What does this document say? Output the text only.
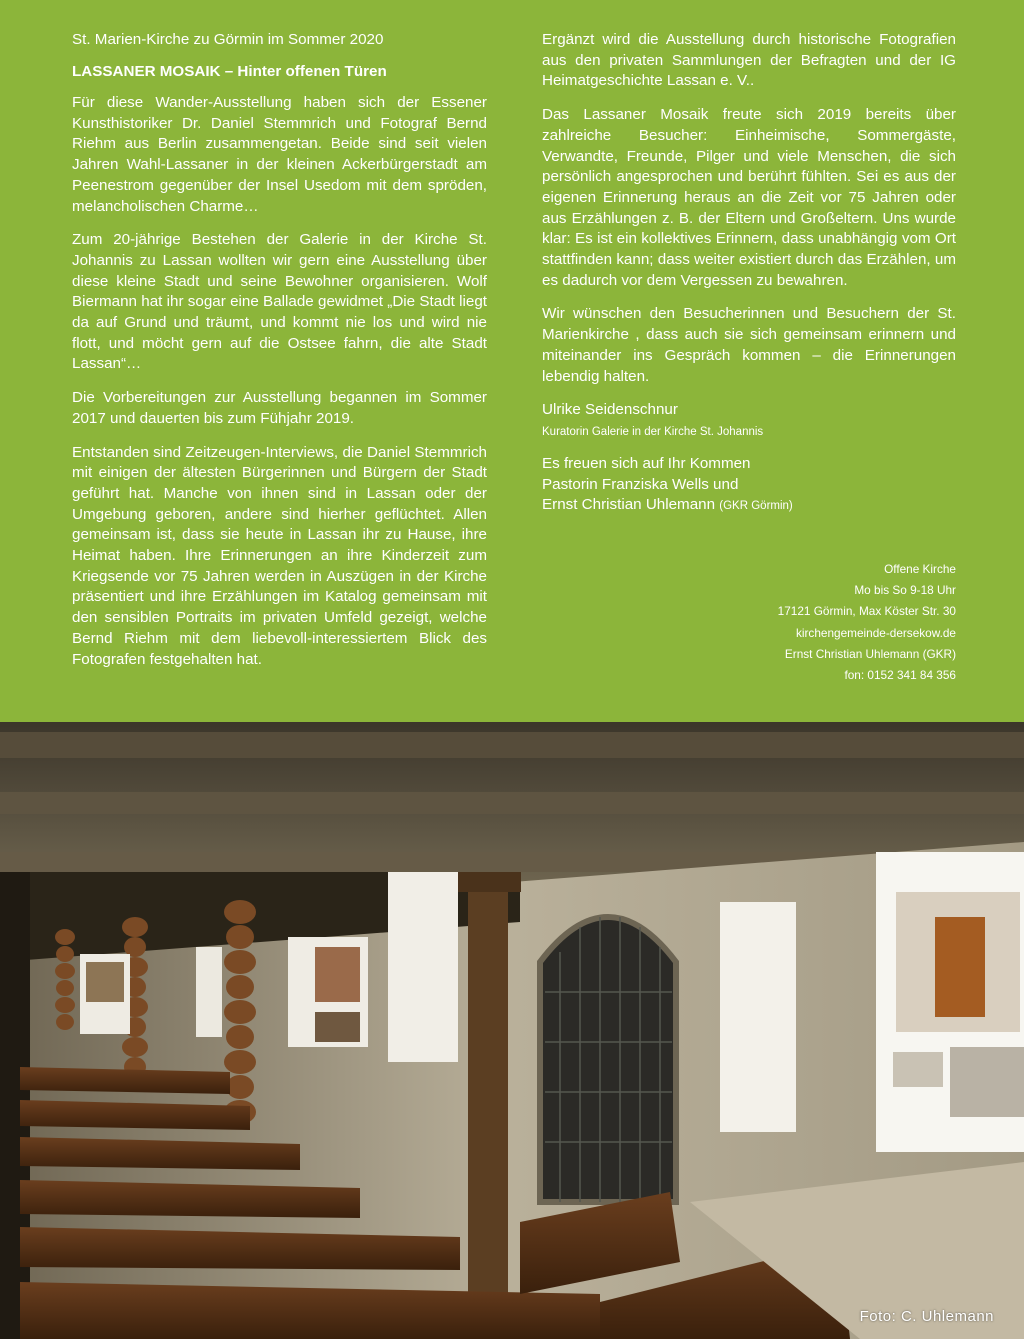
St. Marien-Kirche zu Görmin im Sommer 2020
LASSANER MOSAIK – Hinter offenen Türen

Für diese Wander-Ausstellung haben sich der Essener Kunsthistoriker Dr. Daniel Stemmrich und Fotograf Bernd Riehm aus Berlin zusammengetan. Beide sind seit vielen Jahren Wahl-Lassaner in der kleinen Ackerbürgerstadt am Peenestrom gegenüber der Insel Usedom mit dem spröden, melancholischen Charme…

Zum 20-jährige Bestehen der Galerie in der Kirche St. Johannis zu Lassan wollten wir gern eine Ausstellung über diese kleine Stadt und seine Bewohner organisieren. Wolf Biermann hat ihr sogar eine Ballade gewidmet „Die Stadt liegt da auf Grund und träumt, und kommt nie los und wird nie flott, und möcht gern auf die Ostsee fahrn, die alte Stadt Lassan“…

Die Vorbereitungen zur Ausstellung begannen im Sommer 2017 und dauerten bis zum Fühjahr 2019.

Entstanden sind Zeitzeugen-Interviews, die Daniel Stemmrich mit einigen der ältesten Bürgerinnen und Bürgern der Stadt geführt hat. Manche von ihnen sind in Lassan oder der Umgebung geboren, andere sind hierher geflüchtet. Allen gemeinsam ist, dass sie heute in Lassan ihr zu Hause, ihre Heimat haben. Ihre Erinnerungen an ihre Kinderzeit zum Kriegsende vor 75 Jahren werden in Auszügen in der Kirche präsentiert und ihre Erzählungen im Katalog gemeinsam mit den sensiblen Portraits im privaten Umfeld gezeigt, welche Bernd Riehm mit dem liebevoll-interessiertem Blick des Fotografen festgehalten hat.

Ergänzt wird die Ausstellung durch historische Fotografien aus den privaten Sammlungen der Befragten und der IG Heimatgeschichte Lassan e. V..

Das Lassaner Mosaik freute sich 2019 bereits über zahlreiche Besucher: Einheimische, Sommergäste, Verwandte, Freunde, Pilger und viele Menschen, die sich persönlich angesprochen und berührt fühlten. Sei es aus der eigenen Erinnerung heraus an die Zeit vor 75 Jahren oder aus Erzählungen z. B. der Eltern und Großeltern. Uns wurde klar: Es ist ein kollektives Erinnern, dass unabhängig vom Ort stattfinden kann; dass weiter existiert durch das Erzählen, um es dadurch vor dem Vergessen zu bewahren.

Wir wünschen den Besucherinnen und Besuchern der St. Marienkirche , dass auch sie sich gemeinsam erinnern und miteinander ins Gespräch kommen – die Erinnerungen lebendig halten.

Ulrike Seidenschnur

Kuratorin Galerie in der Kirche St. Johannis

Es freuen sich auf Ihr Kommen

Pastorin Franziska Wells und

Ernst Christian Uhlemann (GKR Görmin)

Offene Kirche
Mo bis So 9-18 Uhr
17121 Görmin, Max Köster Str. 30
kirchengemeinde-dersekow.de
Ernst Christian Uhlemann (GKR)
fon: 0152 341 84 356
Foto: C. Uhlemann
